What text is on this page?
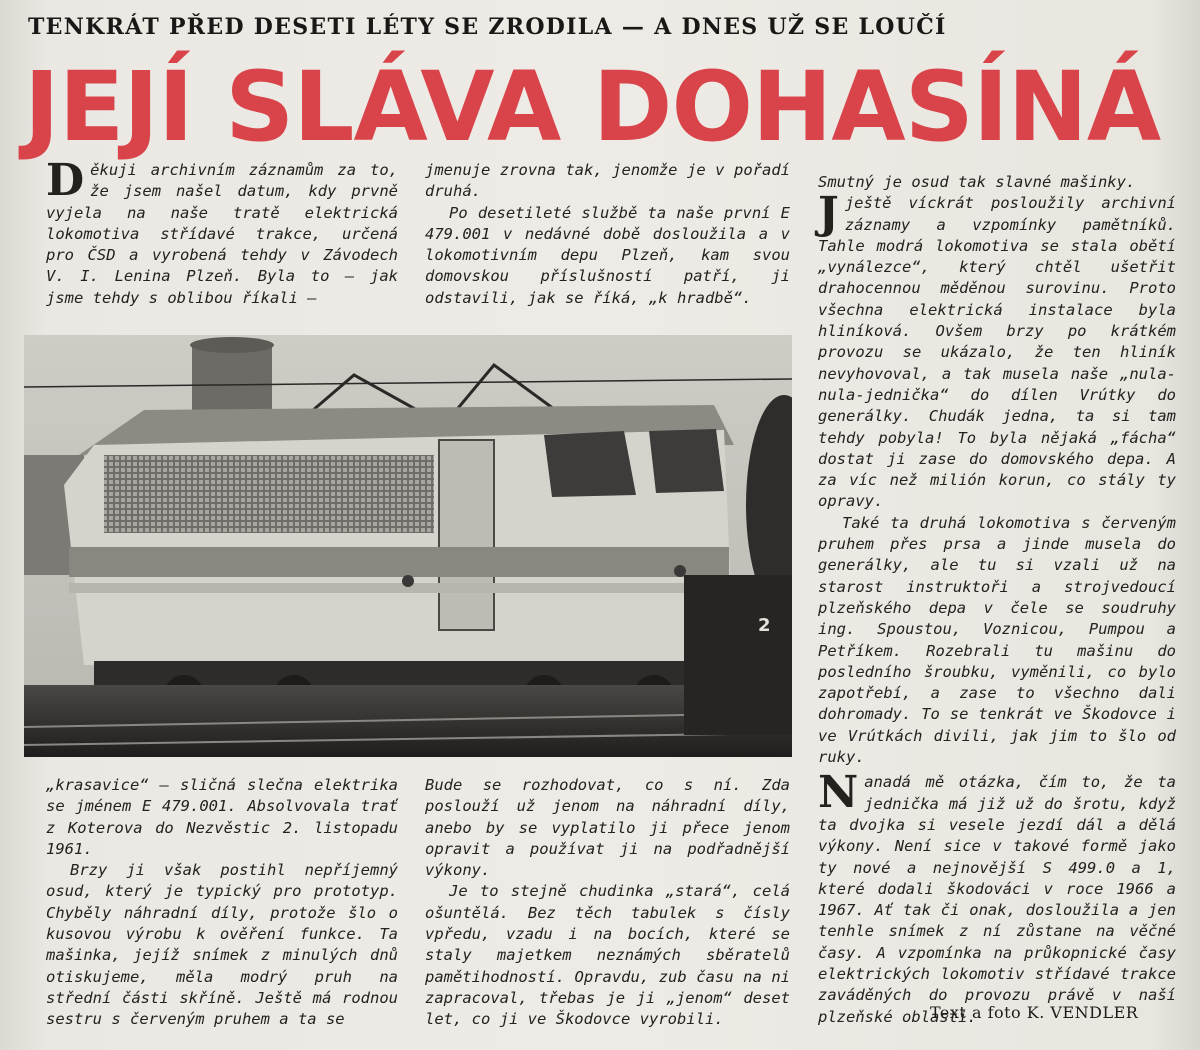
TENKRÁT PŘED DESETI LÉTY SE ZRODILA — A DNES UŽ SE LOUČÍ
JEJÍ SLÁVA DOHASÍNÁ

Děkuji archivním záznamům za to, že jsem našel datum, kdy prvně vyjela na naše tratě elektrická lokomotiva střídavé trakce, určená pro ČSD a vyrobená tehdy v Závodech V. I. Lenina Plzeň. Byla to — jak jsme tehdy s oblibou říkali —

jmenuje zrovna tak, jenomže je v pořadí druhá.

Po desetileté službě ta naše první E 479.001 v nedávné době dosloužila a v lokomotivním depu Plzeň, kam svou domovskou příslušností patří, ji odstavili, jak se říká, „k hradbě“.

2

„krasavice“ — sličná slečna elektrika se jménem E 479.001. Absolvovala trať z Koterova do Nezvěstic 2. listopadu 1961.

Brzy ji však postihl nepříjemný osud, který je typický pro prototyp. Chyběly náhradní díly, protože šlo o kusovou výrobu k ověření funkce. Ta mašinka, jejíž snímek z minulých dnů otiskujeme, měla modrý pruh na střední části skříně. Ještě má rodnou sestru s červeným pruhem a ta se

Bude se rozhodovat, co s ní. Zda poslouží už jenom na náhradní díly, anebo by se vyplatilo ji přece jenom opravit a používat ji na podřadnější výkony.

Je to stejně chudinka „stará“, celá ošuntělá. Bez těch tabulek s čísly vpředu, vzadu i na bocích, které se staly majetkem neznámých sběratelů pamětihodností. Opravdu, zub času na ni zapracoval, třebas je ji „jenom“ deset let, co ji ve Škodovce vyrobili.

Smutný je osud tak slavné mašinky.

Jještě víckrát posloužily archivní záznamy a vzpomínky pamětníků. Tahle modrá lokomotiva se stala obětí „vynálezce“, který chtěl ušetřit drahocennou měděnou surovinu. Proto všechna elektrická instalace byla hliníková. Ovšem brzy po krátkém provozu se ukázalo, že ten hliník nevyhovoval, a tak musela naše „nula-nula-jednička“ do dílen Vrútky do generálky. Chudák jedna, ta si tam tehdy pobyla! To byla nějaká „fácha“ dostat ji zase do domovského depa. A za víc než milión korun, co stály ty opravy.

Také ta druhá lokomotiva s červeným pruhem přes prsa a jinde musela do generálky, ale tu si vzali už na starost instruktoři a strojvedoucí plzeňského depa v čele se soudruhy ing. Spoustou, Voznicou, Pumpou a Petříkem. Rozebrali tu mašinu do posledního šroubku, vyměnili, co bylo zapotřebí, a zase to všechno dali dohromady. To se tenkrát ve Škodovce i ve Vrútkách divili, jak jim to šlo od ruky.

Nanadá mě otázka, čím to, že ta jednička má již už do šrotu, když ta dvojka si vesele jezdí dál a dělá výkony. Není sice v takové formě jako ty nové a nejnovější S 499.0 a 1, které dodali škodováci v roce 1966 a 1967. Ať tak či onak, dosloužila a jen tenhle snímek z ní zůstane na věčné časy. A vzpomínka na průkopnické časy elektrických lokomotiv střídavé trakce zaváděných do provozu právě v naší plzeňské oblasti.

Text a foto K. VENDLER
